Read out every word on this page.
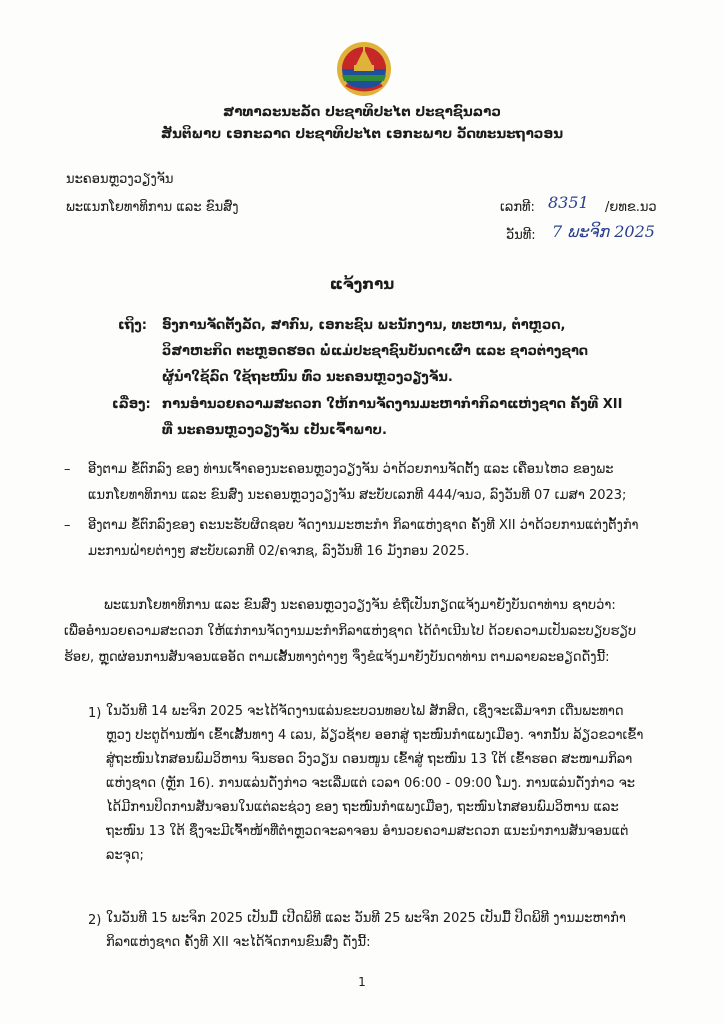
ສາທາລະນະລັດ ປະຊາທິປະໄຕ ປະຊາຊົນລາວ
ສັນຕິພາບ ເອກະລາດ ປະຊາທິປະໄຕ ເອກະພາບ ວັດທະນະຖາວອນ
ນະຄອນຫຼວງວຽງຈັນ
ພະແນກໂຍທາທິການ ແລະ ຂົນສົ່ງ	ເລກທີ: 8351 /ຍທຂ.ນວ
ວັນທີ: 7 ພະຈິກ 2025
ແຈ້ງການ
ເຖິງ: ອົງການຈັດຕັ້ງລັດ, ສາກົນ, ເອກະຊົນ ພະນັກງານ, ທະຫານ, ຕຳຫຼວດ,
ວິສາຫະກິດ ຕະຫຼອດຮອດ ພໍ່ແມ່ປະຊາຊົນບັນດາເຜົ່າ ແລະ ຊາວຕ່າງຊາດ
ຜູ້ນຳໃຊ້ລົດ ໃຊ້ຖະໜົນ ທົ່ວ ນະຄອນຫຼວງວຽງຈັນ.
ເລື່ອງ: ການອຳນວຍຄວາມສະດວກ ໃຫ້ການຈັດງານມະຫາກຳກິລາແຫ່ງຊາດ ຄັ້ງທີ XII
ທີ່ ນະຄອນຫຼວງວຽງຈັນ ເປັນເຈົ້າພາບ.
– ອີງຕາມ ຂໍ້ຕົກລົງ ຂອງ ທ່ານເຈົ້າຄອງນະຄອນຫຼວງວຽງຈັນ ວ່າດ້ວຍການຈັດຕັ້ງ ແລະ ເຄື່ອນໄຫວ ຂອງພະ
ແນກໂຍທາທິການ ແລະ ຂົນສົ່ງ ນະຄອນຫຼວງວຽງຈັນ ສະບັບເລກທີ 444/ຈນວ, ລົງວັນທີ 07 ເມສາ 2023;
– ອີງຕາມ ຂໍ້ຕົກລົງຂອງ ຄະນະຮັບຜິດຊອບ ຈັດງານມະຫະກຳ ກິລາແຫ່ງຊາດ ຄັ້ງທີ XII ວ່າດ້ວຍການແຕ່ງຕັ້ງກຳ
ມະການຝ່າຍຕ່າງໆ ສະບັບເລກທີ 02/ຄຈກຊ, ລົງວັນທີ 16 ມັງກອນ 2025.
ພະແນກໂຍທາທິການ ແລະ ຂົນສົ່ງ ນະຄອນຫຼວງວຽງຈັນ ຂໍຖືເປັນກຽດແຈ້ງມາຍັງບັນດາທ່ານ ຊາບວ່າ:
ເພື່ອອຳນວຍຄວາມສະດວກ ໃຫ້ແກ່ການຈັດງານມະກຳກິລາແຫ່ງຊາດ ໄດ້ດຳເນີນໄປ ດ້ວຍຄວາມເປັນລະບຽບຮຽບ
ຮ້ອຍ, ຫຼຸດຜ່ອນການສັນຈອນແອອັດ ຕາມເສັ້ນທາງຕ່າງໆ ຈຶ່ງຂໍແຈ້ງມາຍັງບັນດາທ່ານ ຕາມລາຍລະອຽດດັ່ງນີ້:
1) ໃນວັນທີ 14 ພະຈິກ 2025 ຈະໄດ້ຈັດງານແລ່ນຂະບວນທອບໄຟ ສັກສິດ, ເຊິ່ງຈະເລີ່ມຈາກ ເດີ່ນພະທາດ
ຫຼວງ ປະຕູດ້ານໜ້າ ເຂົ້າເສັ້ນທາງ 4 ເລນ, ລ້ຽວຊ້າຍ ອອກສູ່ ຖະໜົນກຳແພງເມືອງ. ຈາກນັ້ນ ລ້ຽວຂວາເຂົ້າ
ສູ່ຖະໜົນໄກສອນພົມວິຫານ ຈົນຮອດ ວົງວຽນ ດອນໜູນ ເຂົ້າສູ່ ຖະໜົນ 13 ໃຕ້ ເຂົ້າຮອດ ສະໜາມກິລາ
ແຫ່ງຊາດ (ຫຼັກ 16). ການແລ່ນດັ່ງກ່າວ ຈະເລີ່ມແຕ່ ເວລາ 06:00 - 09:00 ໂມງ. ການແລ່ນດັ່ງກ່າວ ຈະ
ໄດ້ມີການປິດການສັນຈອນໃນແຕ່ລະຊ່ວງ ຂອງ ຖະໜົນກຳແພງເມືອງ, ຖະໜົນໄກສອນພົມວິຫານ ແລະ
ຖະໜົນ 13 ໃຕ້ ຊຶ່ງຈະມີເຈົ້າໜ້າທີ່ຕຳຫຼວດຈະລາຈອນ ອຳນວຍຄວາມສະດວກ ແນະນຳການສັນຈອນແຕ່
ລະຈຸດ;
2) ໃນວັນທີ 15 ພະຈິກ 2025 ເປັນມື້ ເປີດພິທີ ແລະ ວັນທີ 25 ພະຈິກ 2025 ເປັນມື້ ປິດພິທີ ງານມະຫາກຳ
ກິລາແຫ່ງຊາດ ຄັ້ງທີ XII ຈະໄດ້ຈັດການຂົນສົ່ງ ດັ່ງນີ້:
1
